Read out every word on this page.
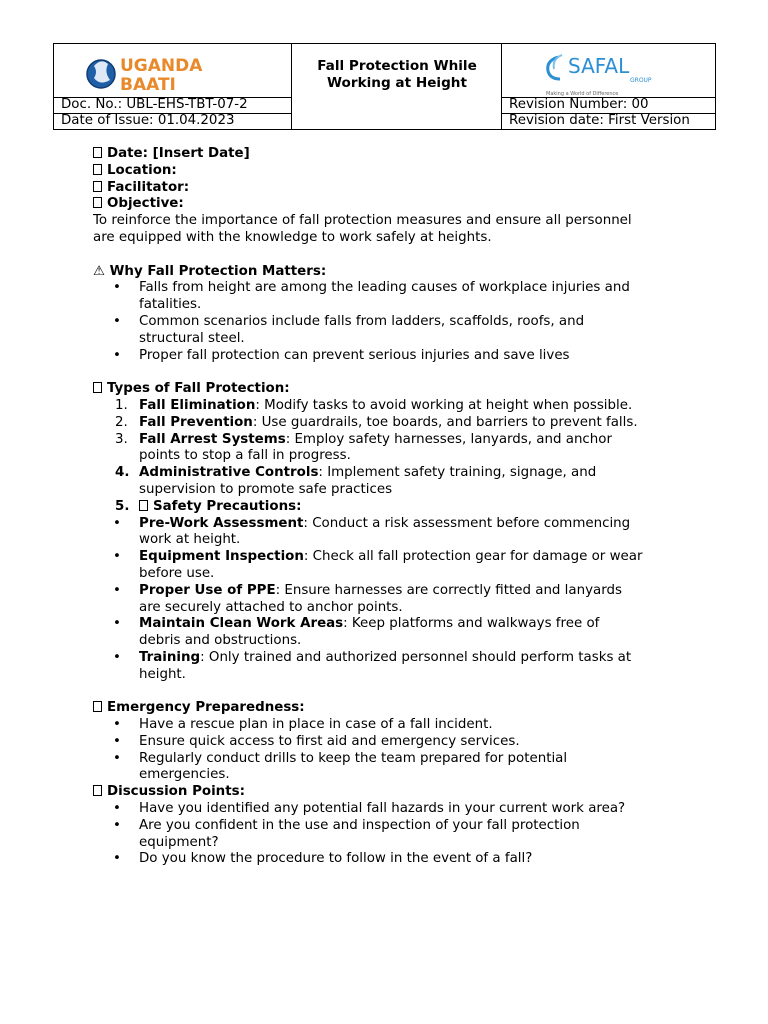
UGANDA
BAATI
SAFAL
GROUP
Making a World of Difference
Fall Protection While Working at Height
Doc. No.: UBL-EHS-TBT-07-2
Date of Issue: 01.04.2023
Revision Number: 00
Revision date: First Version
Date: [Insert Date]
Location:
Facilitator:
Objective:
To reinforce the importance of fall protection measures and ensure all personnel
are equipped with the knowledge to work safely at heights.
⚠ Why Fall Protection Matters:
• Falls from height are among the leading causes of workplace injuries and
fatalities.
• Common scenarios include falls from ladders, scaffolds, roofs, and
structural steel.
• Proper fall protection can prevent serious injuries and save lives
Types of Fall Protection:
1. Fall Elimination: Modify tasks to avoid working at height when possible.
2. Fall Prevention: Use guardrails, toe boards, and barriers to prevent falls.
3. Fall Arrest Systems: Employ safety harnesses, lanyards, and anchor
points to stop a fall in progress.
4. Administrative Controls: Implement safety training, signage, and
supervision to promote safe practices
5. Safety Precautions:
• Pre-Work Assessment: Conduct a risk assessment before commencing
work at height.
• Equipment Inspection: Check all fall protection gear for damage or wear
before use.
• Proper Use of PPE: Ensure harnesses are correctly fitted and lanyards
are securely attached to anchor points.
• Maintain Clean Work Areas: Keep platforms and walkways free of
debris and obstructions.
• Training: Only trained and authorized personnel should perform tasks at
height.
Emergency Preparedness:
• Have a rescue plan in place in case of a fall incident.
• Ensure quick access to first aid and emergency services.
• Regularly conduct drills to keep the team prepared for potential
emergencies.
Discussion Points:
• Have you identified any potential fall hazards in your current work area?
• Are you confident in the use and inspection of your fall protection
equipment?
• Do you know the procedure to follow in the event of a fall?
